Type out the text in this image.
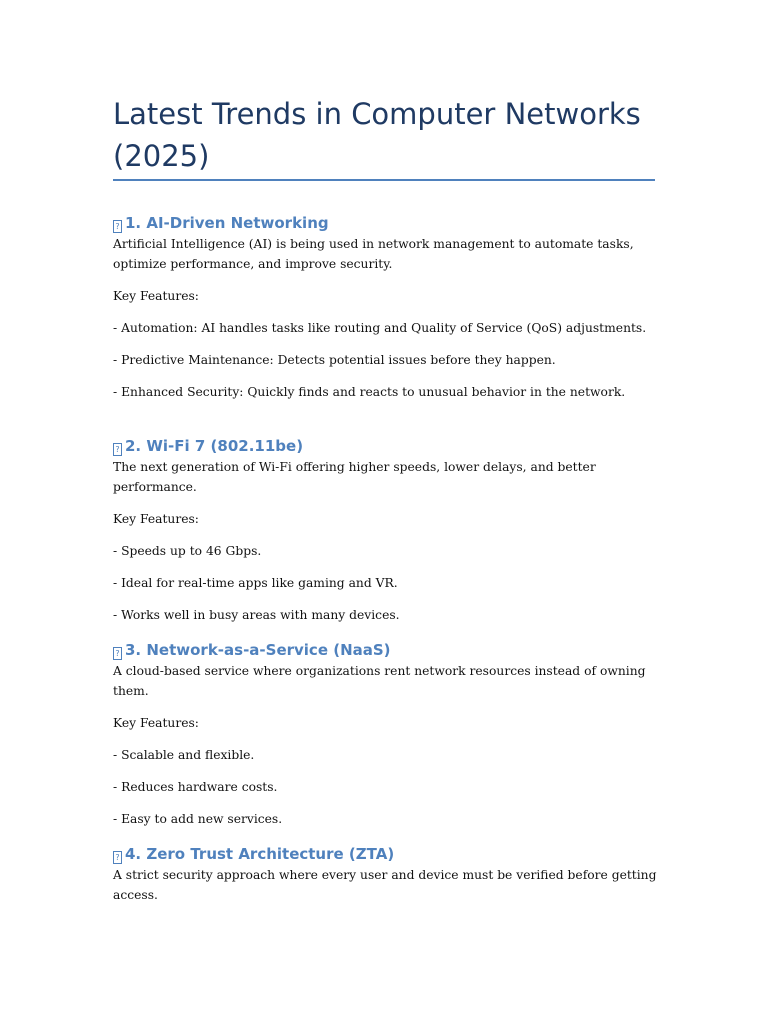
Latest Trends in Computer Networks (2025)
? 1. AI-Driven Networking

Artificial Intelligence (AI) is being used in network management to automate tasks, optimize performance, and improve security.

Key Features:

- Automation: AI handles tasks like routing and Quality of Service (QoS) adjustments.

- Predictive Maintenance: Detects potential issues before they happen.

- Enhanced Security: Quickly finds and reacts to unusual behavior in the network.

? 2. Wi-Fi 7 (802.11be)

The next generation of Wi-Fi offering higher speeds, lower delays, and better performance.

Key Features:

- Speeds up to 46 Gbps.

- Ideal for real-time apps like gaming and VR.

- Works well in busy areas with many devices.

? 3. Network-as-a-Service (NaaS)

A cloud-based service where organizations rent network resources instead of owning them.

Key Features:

- Scalable and flexible.

- Reduces hardware costs.

- Easy to add new services.

? 4. Zero Trust Architecture (ZTA)

A strict security approach where every user and device must be verified before getting access.
